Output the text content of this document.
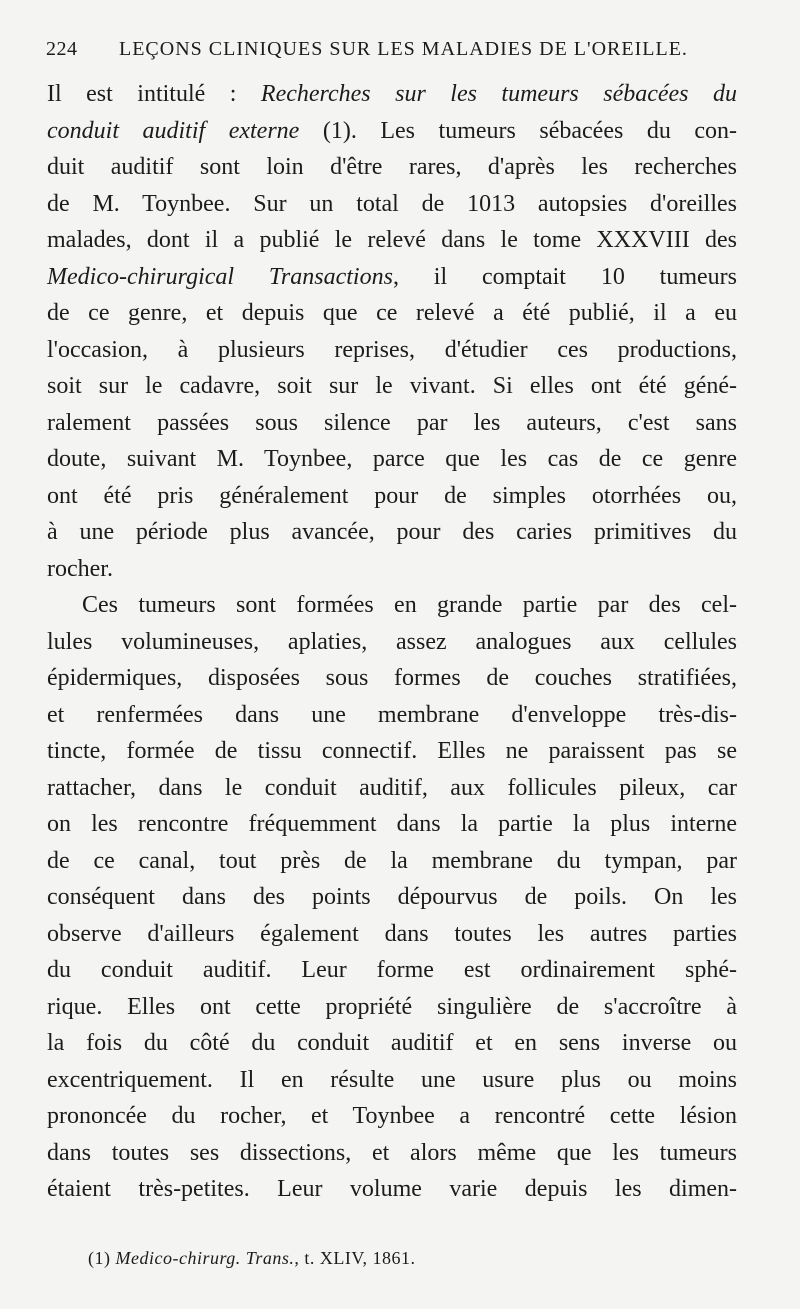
224 LEÇONS CLINIQUES SUR LES MALADIES DE L'OREILLE.
Il est intitulé : Recherches sur les tumeurs sébacées du
conduit auditif externe (1). Les tumeurs sébacées du con-
duit auditif sont loin d'être rares, d'après les recherches
de M. Toynbee. Sur un total de 1013 autopsies d'oreilles
malades, dont il a publié le relevé dans le tome XXXVIII des
Medico-chirurgical Transactions, il comptait 10 tumeurs
de ce genre, et depuis que ce relevé a été publié, il a eu
l'occasion, à plusieurs reprises, d'étudier ces productions,
soit sur le cadavre, soit sur le vivant. Si elles ont été géné-
ralement passées sous silence par les auteurs, c'est sans
doute, suivant M. Toynbee, parce que les cas de ce genre
ont été pris généralement pour de simples otorrhées ou,
à une période plus avancée, pour des caries primitives du
rocher.
Ces tumeurs sont formées en grande partie par des cel-
lules volumineuses, aplaties, assez analogues aux cellules
épidermiques, disposées sous formes de couches stratifiées,
et renfermées dans une membrane d'enveloppe très-dis-
tincte, formée de tissu connectif. Elles ne paraissent pas se
rattacher, dans le conduit auditif, aux follicules pileux, car
on les rencontre fréquemment dans la partie la plus interne
de ce canal, tout près de la membrane du tympan, par
conséquent dans des points dépourvus de poils. On les
observe d'ailleurs également dans toutes les autres parties
du conduit auditif. Leur forme est ordinairement sphé-
rique. Elles ont cette propriété singulière de s'accroître à
la fois du côté du conduit auditif et en sens inverse ou
excentriquement. Il en résulte une usure plus ou moins
prononcée du rocher, et Toynbee a rencontré cette lésion
dans toutes ses dissections, et alors même que les tumeurs
étaient très-petites. Leur volume varie depuis les dimen-
(1) Medico-chirurg. Trans., t. XLIV, 1861.
